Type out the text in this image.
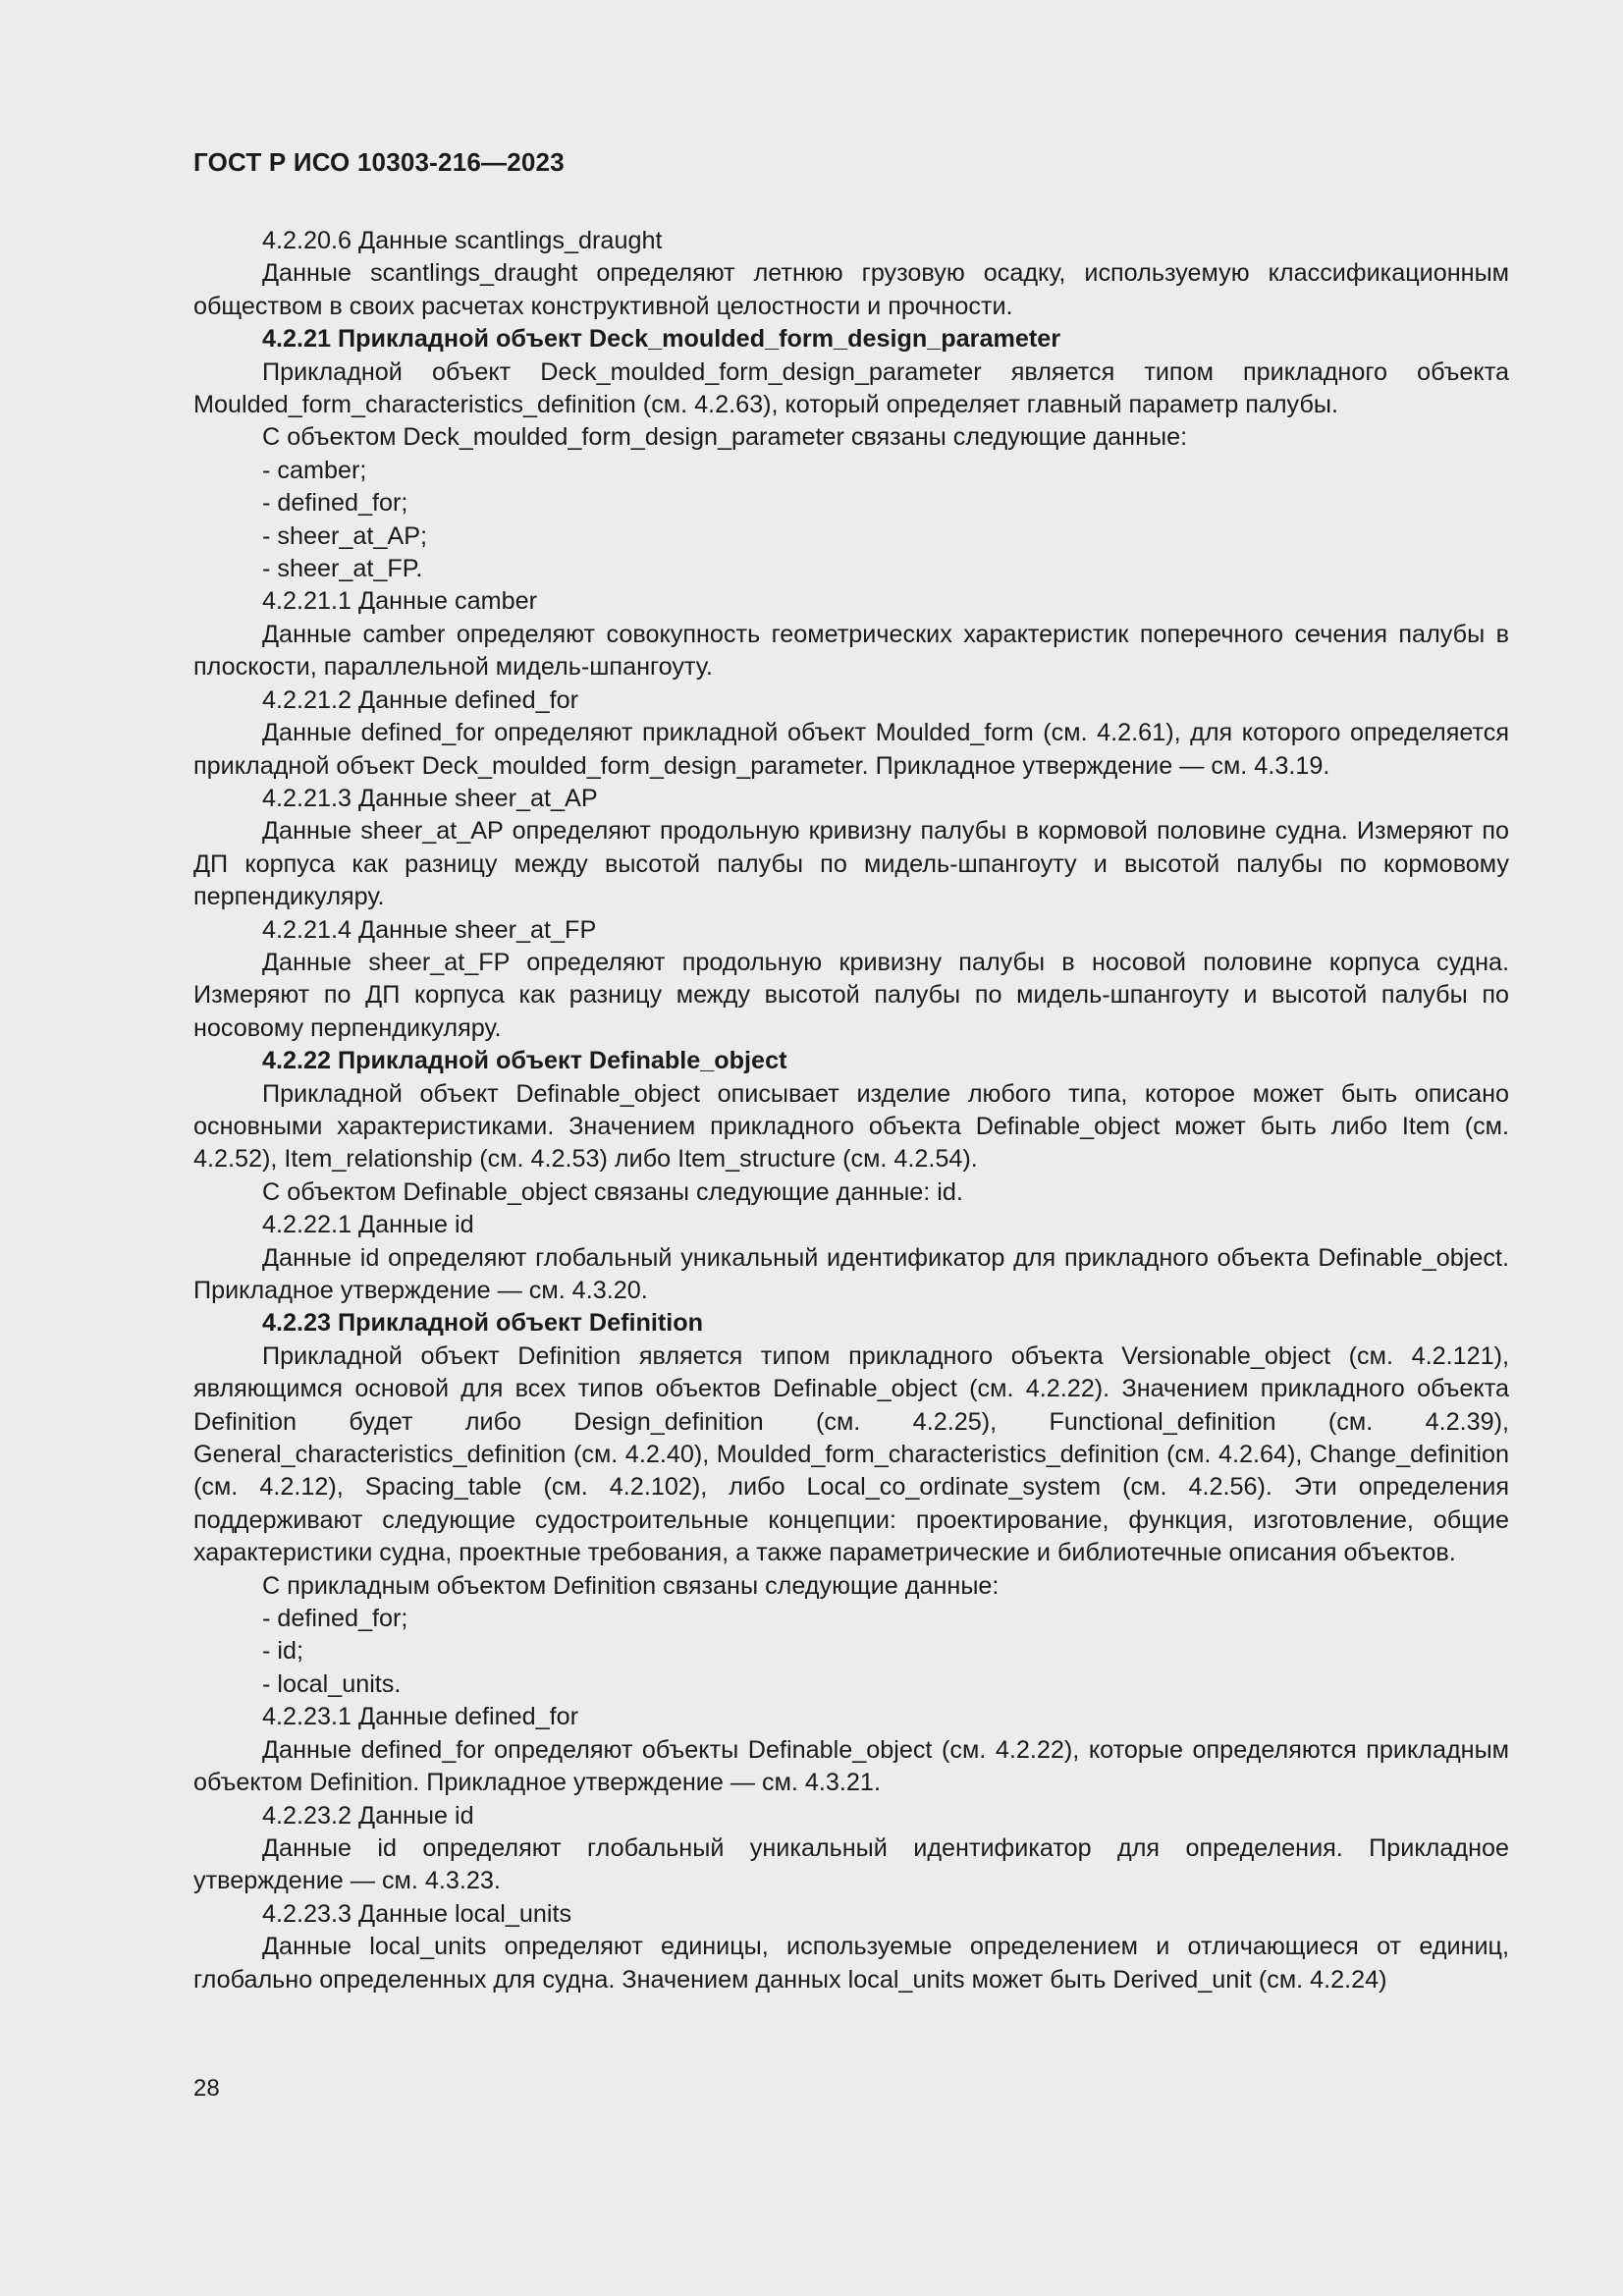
ГОСТ Р ИСО 10303-216—2023

4.2.20.6 Данные scantlings_draught

Данные scantlings_draught определяют летнюю грузовую осадку, используемую классификационным обществом в своих расчетах конструктивной целостности и прочности.

4.2.21 Прикладной объект Deck_moulded_form_design_parameter

Прикладной объект Deck_moulded_form_design_parameter является типом прикладного объекта Moulded_form_characteristics_definition (см. 4.2.63), который определяет главный параметр палубы.

С объектом Deck_moulded_form_design_parameter связаны следующие данные:

- camber;

- defined_for;

- sheer_at_AP;

- sheer_at_FP.

4.2.21.1 Данные camber

Данные camber определяют совокупность геометрических характеристик поперечного сечения палубы в плоскости, параллельной мидель-шпангоуту.

4.2.21.2 Данные defined_for

Данные defined_for определяют прикладной объект Moulded_form (см. 4.2.61), для которого определяется прикладной объект Deck_moulded_form_design_parameter. Прикладное утверждение — см. 4.3.19.

4.2.21.3 Данные sheer_at_AP

Данные sheer_at_AP определяют продольную кривизну палубы в кормовой половине судна. Измеряют по ДП корпуса как разницу между высотой палубы по мидель-шпангоуту и высотой палубы по кормовому перпендикуляру.

4.2.21.4 Данные sheer_at_FP

Данные sheer_at_FP определяют продольную кривизну палубы в носовой половине корпуса судна. Измеряют по ДП корпуса как разницу между высотой палубы по мидель-шпангоуту и высотой палубы по носовому перпендикуляру.

4.2.22 Прикладной объект Definable_object

Прикладной объект Definable_object описывает изделие любого типа, которое может быть описано основными характеристиками. Значением прикладного объекта Definable_object может быть либо Item (см. 4.2.52), Item_relationship (см. 4.2.53) либо Item_structure (см. 4.2.54).

С объектом Definable_object связаны следующие данные: id.

4.2.22.1 Данные id

Данные id определяют глобальный уникальный идентификатор для прикладного объекта Definable_object. Прикладное утверждение — см. 4.3.20.

4.2.23 Прикладной объект Definition

Прикладной объект Definition является типом прикладного объекта Versionable_object (см. 4.2.121), являющимся основой для всех типов объектов Definable_object (см. 4.2.22). Значением прикладного объекта Definition будет либо Design_definition (см. 4.2.25), Functional_definition (см. 4.2.39), General_characteristics_definition (см. 4.2.40), Moulded_form_characteristics_definition (см. 4.2.64), Change_definition (см. 4.2.12), Spacing_table (см. 4.2.102), либо Local_co_ordinate_system (см. 4.2.56). Эти определения поддерживают следующие судостроительные концепции: проектирование, функция, изготовление, общие характеристики судна, проектные требования, а также параметрические и библиотечные описания объектов.

С прикладным объектом Definition связаны следующие данные:

- defined_for;

- id;

- local_units.

4.2.23.1 Данные defined_for

Данные defined_for определяют объекты Definable_object (см. 4.2.22), которые определяются прикладным объектом Definition. Прикладное утверждение — см. 4.3.21.

4.2.23.2 Данные id

Данные id определяют глобальный уникальный идентификатор для определения. Прикладное утверждение — см. 4.3.23.

4.2.23.3 Данные local_units

Данные local_units определяют единицы, используемые определением и отличающиеся от единиц, глобально определенных для судна. Значением данных local_units может быть Derived_unit (см. 4.2.24)

28
